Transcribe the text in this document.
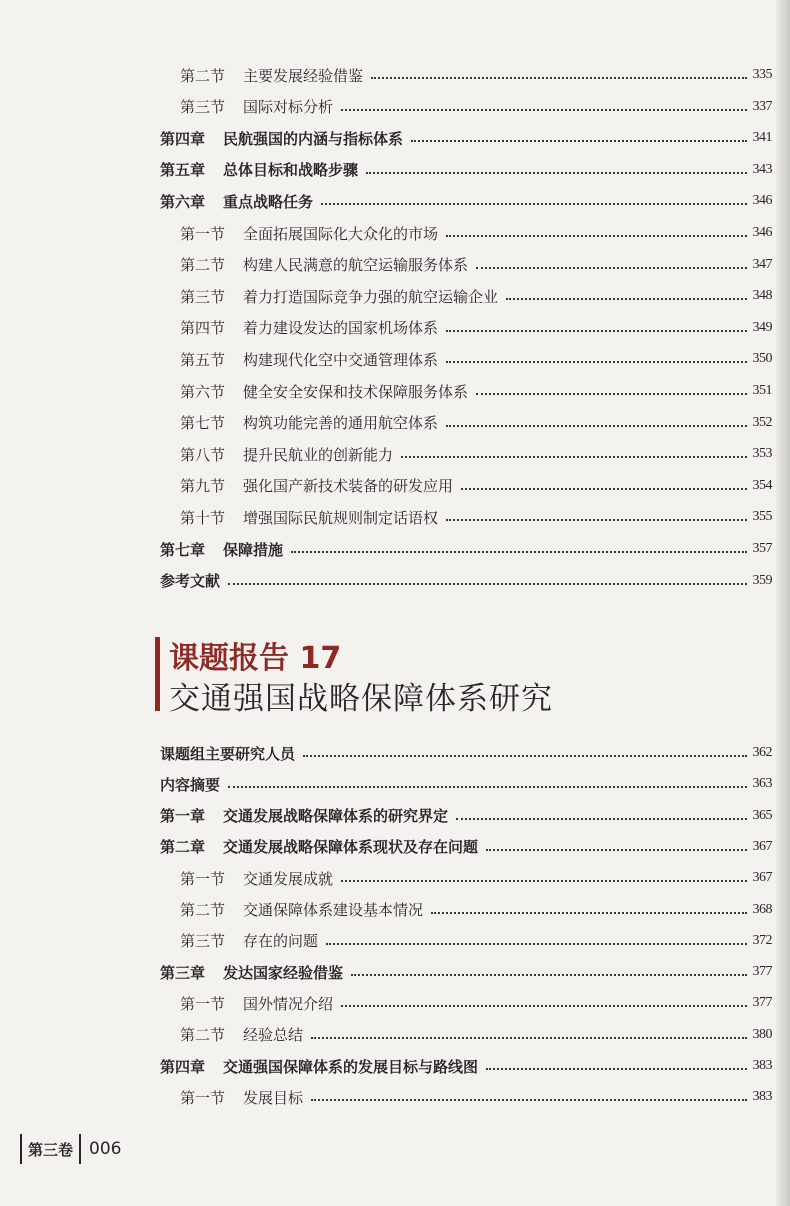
第二节 主要发展经验借鉴	335
第三节 国际对标分析	337
第四章 民航强国的内涵与指标体系	341
第五章 总体目标和战略步骤	343
第六章 重点战略任务	346
第一节 全面拓展国际化大众化的市场	346
第二节 构建人民满意的航空运输服务体系	347
第三节 着力打造国际竞争力强的航空运输企业	348
第四节 着力建设发达的国家机场体系	349
第五节 构建现代化空中交通管理体系	350
第六节 健全安全安保和技术保障服务体系	351
第七节 构筑功能完善的通用航空体系	352
第八节 提升民航业的创新能力	353
第九节 强化国产新技术装备的研发应用	354
第十节 增强国际民航规则制定话语权	355
第七章 保障措施	357
参考文献	359
课题报告 17
交通强国战略保障体系研究
课题组主要研究人员	362
内容摘要	363
第一章 交通发展战略保障体系的研究界定	365
第二章 交通发展战略保障体系现状及存在问题	367
第一节 交通发展成就	367
第二节 交通保障体系建设基本情况	368
第三节 存在的问题	372
第三章 发达国家经验借鉴	377
第一节 国外情况介绍	377
第二节 经验总结	380
第四章 交通强国保障体系的发展目标与路线图	383
第一节 发展目标	383
第三卷 006
